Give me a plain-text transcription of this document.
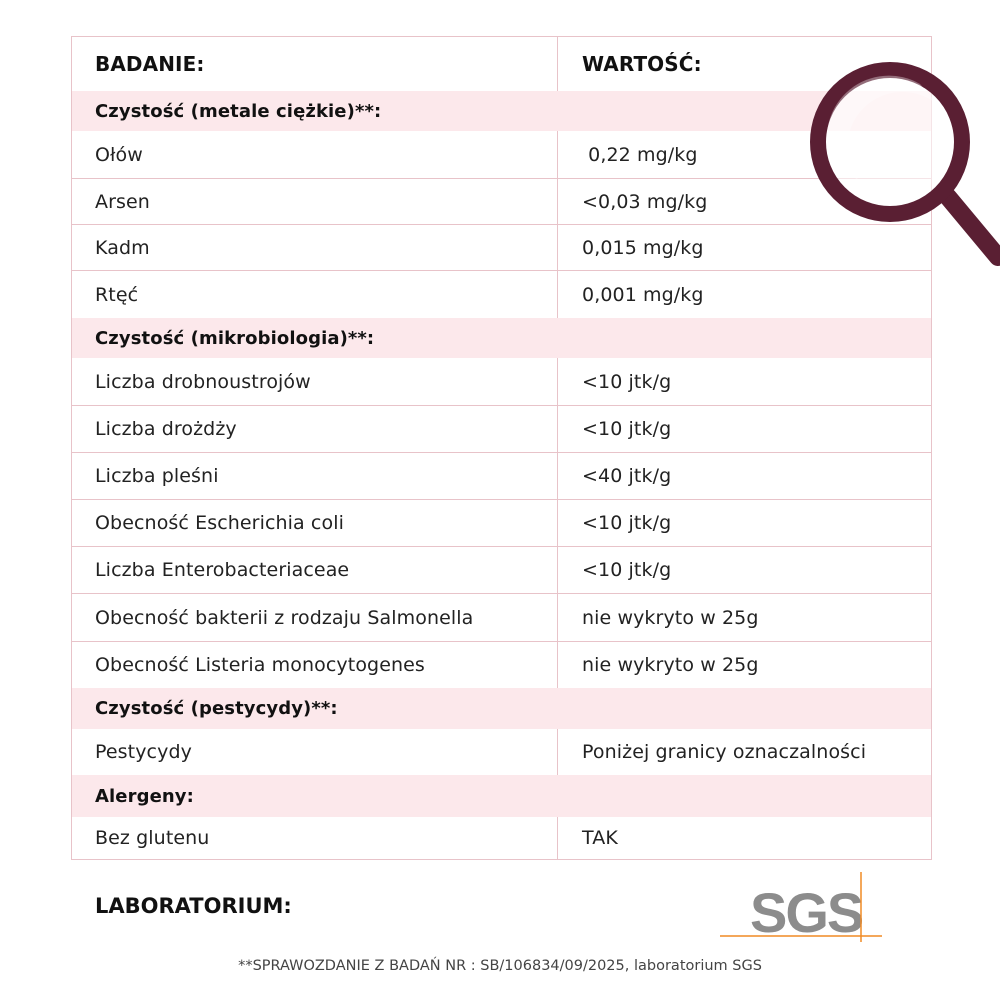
BADANIE:	WARTOŚĆ:
Czystość (metale ciężkie)**:
Ołów	0,22 mg/kg
Arsen	<0,03 mg/kg
Kadm	0,015 mg/kg
Rtęć	0,001 mg/kg
Czystość (mikrobiologia)**:
Liczba drobnoustrojów	<10 jtk/g
Liczba drożdży	<10 jtk/g
Liczba pleśni	<40 jtk/g
Obecność Escherichia coli	<10 jtk/g
Liczba Enterobacteriaceae	<10 jtk/g
Obecność bakterii z rodzaju Salmonella	nie wykryto w 25g
Obecność Listeria monocytogenes	nie wykryto w 25g
Czystość (pestycydy)**:
Pestycydy	Poniżej granicy oznaczalności
Alergeny:
Bez glutenu	TAK
LABORATORIUM:	SGS
**SPRAWOZDANIE Z BADAŃ NR : SB/106834/09/2025, laboratorium SGS
